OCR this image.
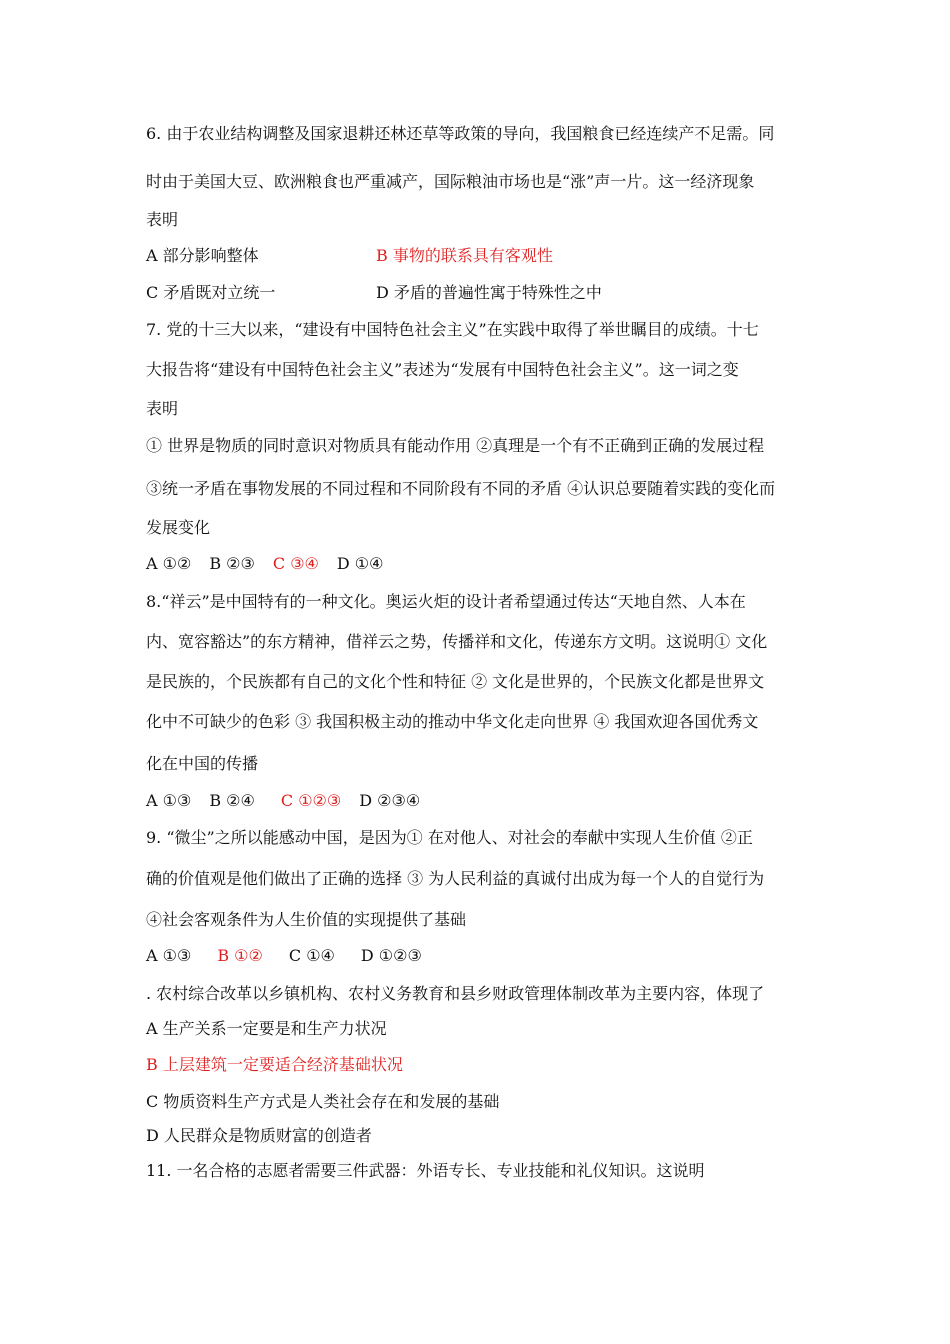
6. 由于农业结构调整及国家退耕还林还草等政策的导向，我国粮食已经连续产不足需。同
时由于美国大豆、欧洲粮食也严重减产，国际粮油市场也是“涨”声一片。这一经济现象
表明
A 部分影响整体	B 事物的联系具有客观性
C 矛盾既对立统一	D 矛盾的普遍性寓于特殊性之中
7. 党的十三大以来，“建设有中国特色社会主义”在实践中取得了举世瞩目的成绩。十七
大报告将“建设有中国特色社会主义”表述为“发展有中国特色社会主义”。这一词之变
表明
① 世界是物质的同时意识对物质具有能动作用 ②真理是一个有不正确到正确的发展过程
③统一矛盾在事物发展的不同过程和不同阶段有不同的矛盾 ④认识总要随着实践的变化而
发展变化
A ①② B ②③ C ③④ D ①④
8.“祥云”是中国特有的一种文化。奥运火炬的设计者希望通过传达“天地自然、人本在
内、宽容豁达”的东方精神，借祥云之势，传播祥和文化，传递东方文明。这说明① 文化
是民族的，个民族都有自己的文化个性和特征 ② 文化是世界的，个民族文化都是世界文
化中不可缺少的色彩 ③ 我国积极主动的推动中华文化走向世界 ④ 我国欢迎各国优秀文
化在中国的传播
A ①③ B ②④ C ①②③ D ②③④
9. “微尘”之所以能感动中国，是因为① 在对他人、对社会的奉献中实现人生价值 ②正
确的价值观是他们做出了正确的选择 ③ 为人民利益的真诚付出成为每一个人的自觉行为
④社会客观条件为人生价值的实现提供了基础
A ①③ B ①② C ①④ D ①②③
. 农村综合改革以乡镇机构、农村义务教育和县乡财政管理体制改革为主要内容，体现了
A 生产关系一定要是和生产力状况
B 上层建筑一定要适合经济基础状况
C 物质资料生产方式是人类社会存在和发展的基础
D 人民群众是物质财富的创造者
11. 一名合格的志愿者需要三件武器：外语专长、专业技能和礼仪知识。这说明
